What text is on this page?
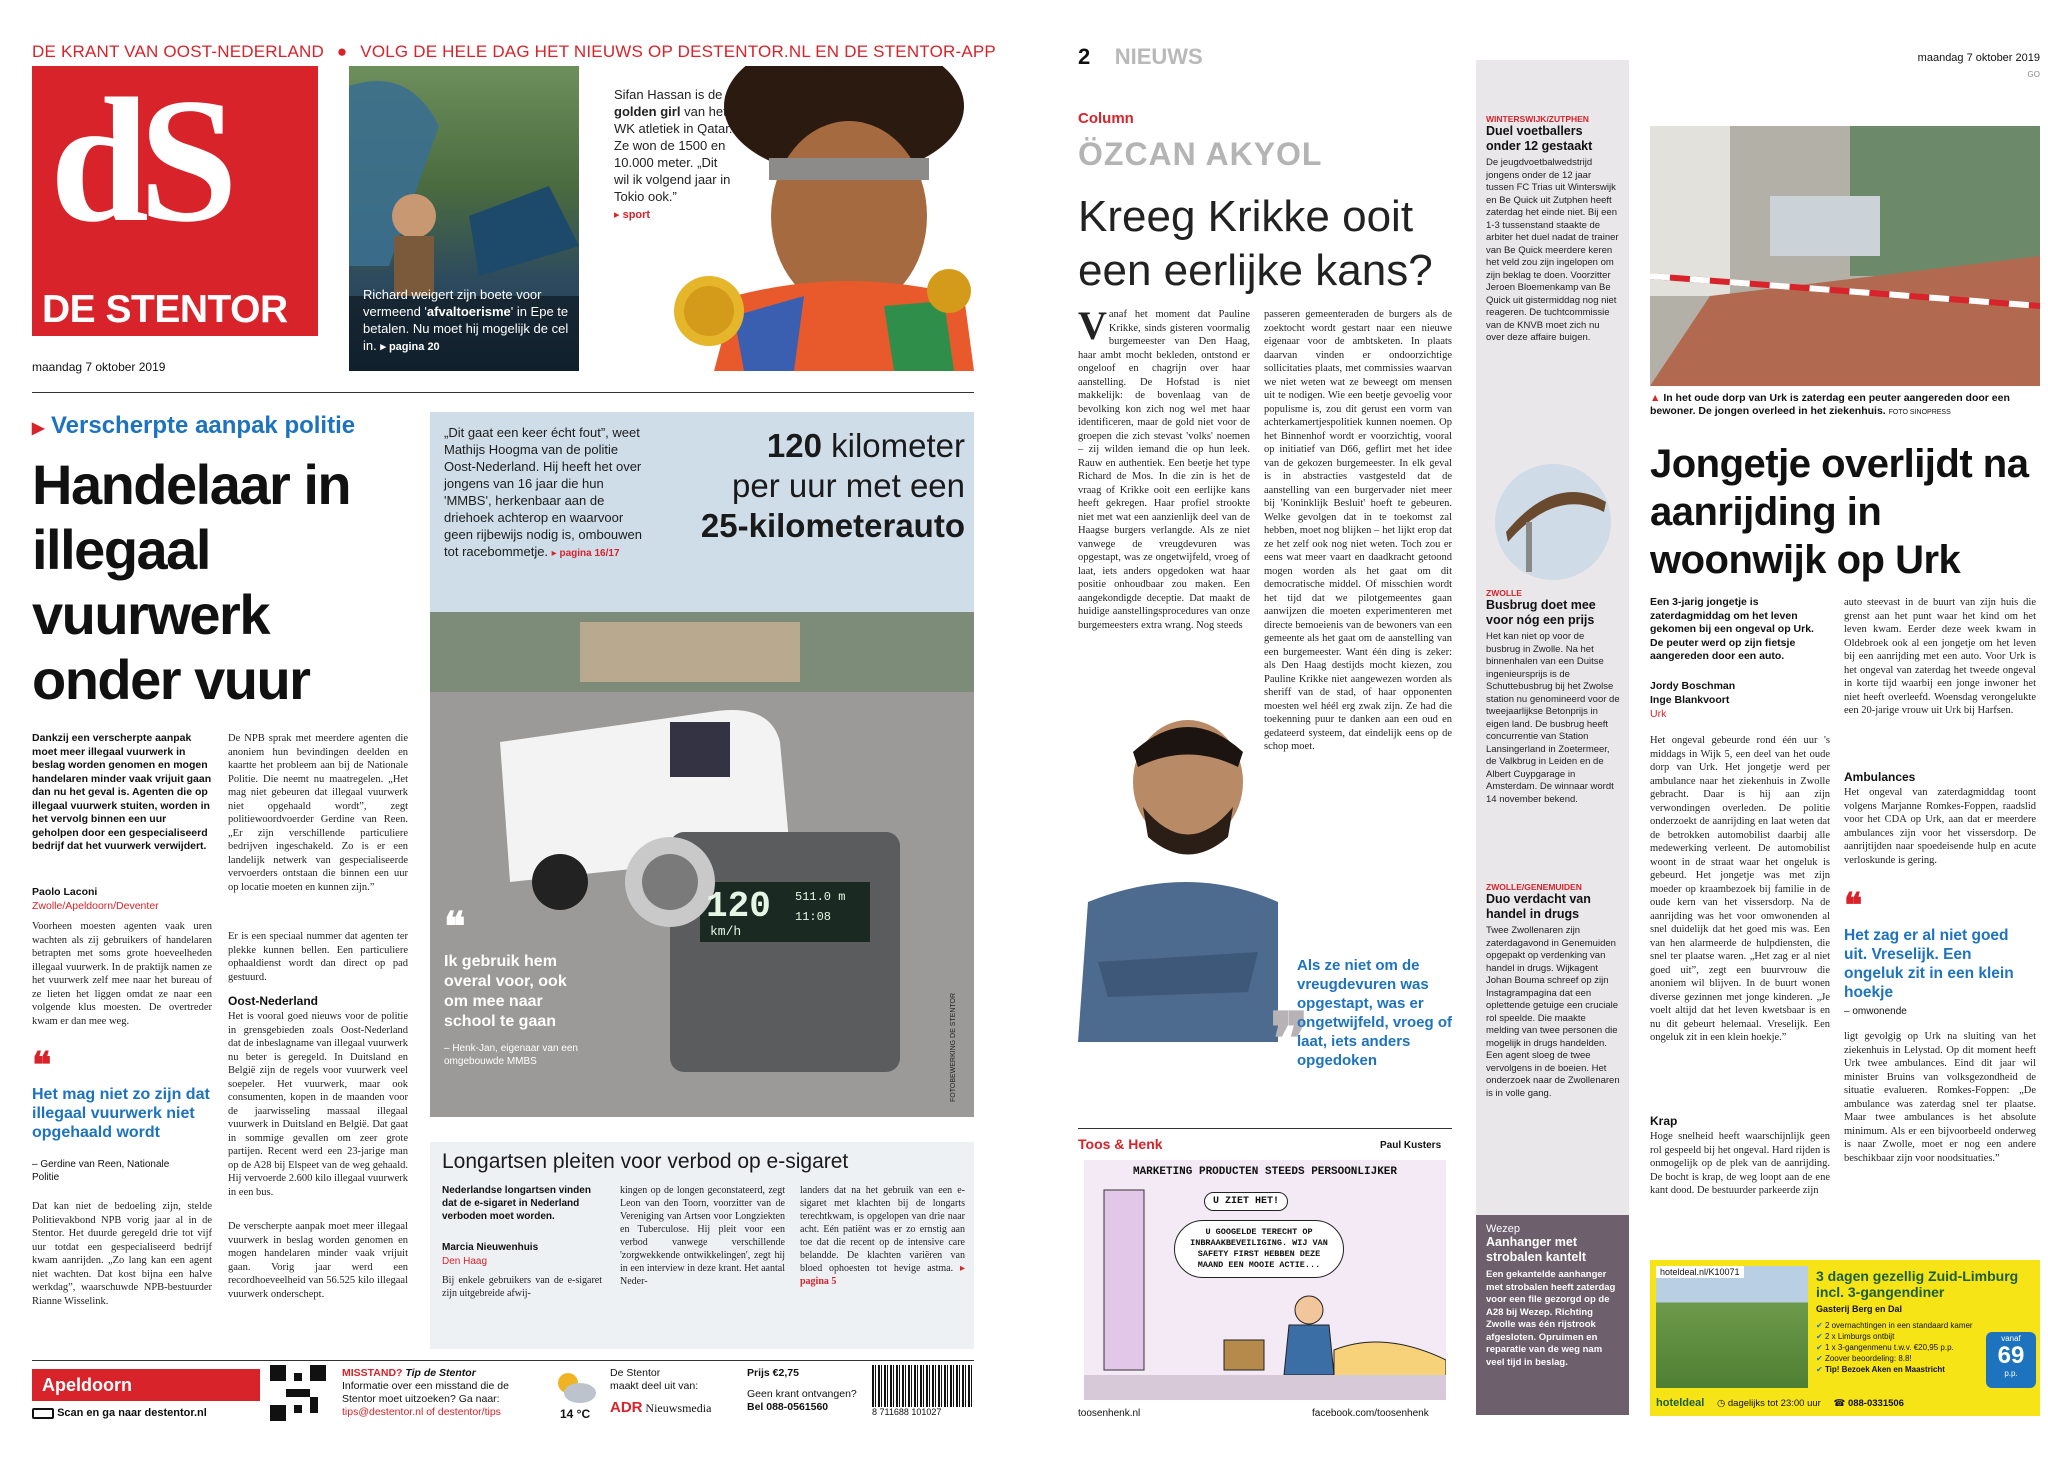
DE KRANT VAN OOST-NEDERLAND ● VOLG DE HELE DAG HET NIEUWS OP DESTENTOR.NL EN DE STENTOR-APP
dS
DE STENTOR
maandag 7 oktober 2019
Richard weigert zijn boete voor vermeend 'afvaltoerisme' in Epe te betalen. Nu moet hij mogelijk de cel in. ▸ pagina 20
Sifan Hassan is de golden girl van het WK atletiek in Qatar. Ze won de 1500 en 10.000 meter. „Dit wil ik volgend jaar in Tokio ook.”
▸ sport
▶ Verscherpte aanpak politie
Handelaar in illegaal vuurwerk onder vuur
Dankzij een verscherpte aanpak moet meer illegaal vuurwerk in beslag worden genomen en mogen handelaren minder vaak vrijuit gaan dan nu het geval is. Agenten die op illegaal vuurwerk stuiten, worden in het vervolg binnen een uur geholpen door een gespecialiseerd bedrijf dat het vuurwerk verwijdert.
Paolo Laconi
Zwolle/Apeldoorn/Deventer
Voorheen moesten agenten vaak uren wachten als zij gebruikers of handelaren betrapten met soms grote hoeveelheden illegaal vuurwerk. In de praktijk namen ze het vuurwerk zelf mee naar het bureau of ze lieten het liggen omdat ze naar een volgende klus moesten. De overtreder kwam er dan mee weg.
❝
Het mag niet zo zijn dat illegaal vuurwerk niet opgehaald wordt
– Gerdine van Reen, Nationale Politie
Dat kan niet de bedoeling zijn, stelde Politievakbond NPB vorig jaar al in de Stentor. Het duurde geregeld drie tot vijf uur totdat een gespecialiseerd bedrijf kwam aanrijden. „Zo lang kan een agent niet wachten. Dat kost bijna een halve werkdag”, waarschuwde NPB-bestuurder Rianne Wisselink.
De NPB sprak met meerdere agenten die anoniem hun bevindingen deelden en kaartte het probleem aan bij de Nationale Politie. Die neemt nu maatregelen. „Het mag niet gebeuren dat illegaal vuurwerk niet opgehaald wordt”, zegt politiewoordvoerder Gerdine van Reen. „Er zijn verschillende particuliere bedrijven ingeschakeld. Zo is er een landelijk netwerk van gespecialiseerde vervoerders ontstaan die binnen een uur op locatie moeten en kunnen zijn.”
Er is een speciaal nummer dat agenten ter plekke kunnen bellen. Een particuliere ophaaldienst wordt dan direct op pad gestuurd.
Oost-Nederland
Het is vooral goed nieuws voor de politie in grensgebieden zoals Oost-Nederland dat de inbeslagname van illegaal vuurwerk nu beter is geregeld. In Duitsland en België zijn de regels voor vuurwerk veel soepeler. Het vuurwerk, maar ook consumenten, kopen in de maanden voor de jaarwisseling massaal illegaal vuurwerk in Duitsland en België. Dat gaat in sommige gevallen om zeer grote partijen. Recent werd een 23-jarige man op de A28 bij Elspeet van de weg gehaald. Hij vervoerde 2.600 kilo illegaal vuurwerk in een bus.
De verscherpte aanpak moet meer illegaal vuurwerk in beslag worden genomen en mogen handelaren minder vaak vrijuit gaan. Vorig jaar werd een recordhoeveelheid van 56.525 kilo illegaal vuurwerk onderschept.
„Dit gaat een keer écht fout”, weet Mathijs Hoogma van de politie Oost-Nederland. Hij heeft het over jongens van 16 jaar die hun 'MMBS', herkenbaar aan de driehoek achterop en waarvoor geen rijbewijs nodig is, ombouwen tot racebommetje. ▸ pagina 16/17
120 kilometer
per uur met een
25-kilometerauto
120
km/h
511.0 m
11:08
❝
Ik gebruik hem overal voor, ook om mee naar school te gaan
– Henk-Jan, eigenaar van een omgebouwde MMBS	FOTOBEWERKING DE STENTOR
Longartsen pleiten voor verbod op e-sigaret
Nederlandse longartsen vinden dat de e-sigaret in Nederland verboden moet worden.
Marcia Nieuwenhuis
Den Haag
Bij enkele gebruikers van de e-sigaret zijn uitgebreide afwij-
kingen op de longen geconstateerd, zegt Leon van den Toorn, voorzitter van de Vereniging van Artsen voor Longziekten en Tuberculose. Hij pleit voor een verbod vanwege verschillende 'zorgwekkende ontwikkelingen', zegt hij in een interview in deze krant. Het aantal Neder-
landers dat na het gebruik van een e-sigaret met klachten bij de longarts terechtkwam, is opgelopen van drie naar acht. Eén patiënt was er zo ernstig aan toe dat die recent op de intensive care belandde. De klachten variëren van bloed ophoesten tot hevige astma. ▸ pagina 5
Apeldoorn
Scan en ga naar destentor.nl
MISSTAND? Tip de Stentor
Informatie over een misstand die de Stentor moet uitzoeken? Ga naar:
tips@destentor.nl of destentor/tips	14 °C
De Stentor
maakt deel uit van:
ADR Nieuwsmedia
Prijs €2,75
Geen krant ontvangen?
Bel 088-0561560	8 711688 101027
2 NIEUWS	maandag 7 oktober 2019
GO
Column
ÖZCAN AKYOL
Kreeg Krikke ooit een eerlijke kans?
Vanaf het moment dat Pauline Krikke, sinds gisteren voormalig burgemeester van Den Haag, haar ambt mocht bekleden, ontstond er ongeloof en chagrijn over haar aanstelling. De Hofstad is niet makkelijk: de bovenlaag van de bevolking kon zich nog wel met haar identificeren, maar de gold niet voor de groepen die zich stevast 'volks' noemen – zij wilden iemand die op hun leek. Rauw en authentiek. Een beetje het type Richard de Mos. In die zin is het de vraag of Krikke ooit een eerlijke kans heeft gekregen. Haar profiel strookte niet met wat een aanzienlijk deel van de Haagse burgers verlangde. Als ze niet vanwege de vreugdevuren was opgestapt, was ze ongetwijfeld, vroeg of laat, iets anders opgedoken wat haar positie onhoudbaar zou maken. Een aangekondigde deceptie. Dat maakt de huidige aanstellingsprocedures van onze burgemeesters extra wrang. Nog steeds
passeren gemeenteraden de burgers als de zoektocht wordt gestart naar een nieuwe eigenaar voor de ambtsketen. In plaats daarvan vinden er ondoorzichtige sollicitaties plaats, met commissies waarvan we niet weten wat ze beweegt om mensen uit te nodigen. Wie een beetje gevoelig voor populisme is, zou dit gerust een vorm van achterkamertjespolitiek kunnen noemen. Op het Binnenhof wordt er voorzichtig, vooral op initiatief van D66, geflirt met het idee van de gekozen burgemeester. In elk geval is in abstracties vastgesteld dat de aanstelling van een burgervader niet meer bij 'Koninklijk Besluit' hoeft te gebeuren. Welke gevolgen dat in te toekomst zal hebben, moet nog blijken – het lijkt erop dat ze het zelf ook nog niet weten. Toch zou er eens wat meer vaart en daadkracht getoond mogen worden als het gaat om dit democratische middel. Of misschien wordt het tijd dat we pilotgemeentes gaan aanwijzen die moeten experimenteren met directe bemoeienis van de bewoners van een gemeente als het gaat om de aanstelling van een burgemeester. Want één ding is zeker: als Den Haag destijds mocht kiezen, zou Pauline Krikke niet aangewezen worden als sheriff van de stad, of haar opponenten moesten wel héél erg zwak zijn. Ze had die toekenning puur te danken aan een oud en gedateerd systeem, dat eindelijk eens op de schop moet.
❞
Als ze niet om de vreugdevuren was opgestapt, was er ongetwijfeld, vroeg of laat, iets anders opgedoken
Toos & Henk	Paul Kusters
MARKETING PRODUCTEN STEEDS PERSOONLIJKER
U ZIET HET!
U GOOGELDE TERECHT OP INBRAAKBEVEILIGING. WIJ VAN SAFETY FIRST HEBBEN DEZE MAAND EEN MOOIE ACTIE...
toosenhenk.nl	facebook.com/toosenhenk
WINTERSWIJK/ZUTPHEN
Duel voetballers onder 12 gestaakt
De jeugdvoetbalwedstrijd jongens onder de 12 jaar tussen FC Trias uit Winterswijk en Be Quick uit Zutphen heeft zaterdag het einde niet. Bij een 1-3 tussenstand staakte de arbiter het duel nadat de trainer van Be Quick meerdere keren het veld zou zijn ingelopen om zijn beklag te doen. Voorzitter Jeroen Bloemenkamp van Be Quick uit gistermiddag nog niet reageren. De tuchtcommissie van de KNVB moet zich nu over deze affaire buigen.
ZWOLLE
Busbrug doet mee voor nóg een prijs
Het kan niet op voor de busbrug in Zwolle. Na het binnenhalen van een Duitse ingenieursprijs is de Schuttebusbrug bij het Zwolse station nu genomineerd voor de tweejaarlijkse Betonprijs in eigen land. De busbrug heeft concurrentie van Station Lansingerland in Zoetermeer, de Valkbrug in Leiden en de Albert Cuypgarage in Amsterdam. De winnaar wordt 14 november bekend.
ZWOLLE/GENEMUIDEN
Duo verdacht van handel in drugs
Twee Zwollenaren zijn zaterdagavond in Genemuiden opgepakt op verdenking van handel in drugs. Wijkagent Johan Bouma schreef op zijn Instagrampagina dat een oplettende getuige een cruciale rol speelde. Die maakte melding van twee personen die mogelijk in drugs handelden. Een agent sloeg de twee vervolgens in de boeien. Het onderzoek naar de Zwollenaren is in volle gang.
Wezep
Aanhanger met strobalen kantelt
Een gekantelde aanhanger met strobalen heeft zaterdag voor een file gezorgd op de A28 bij Wezep. Richting Zwolle was één rijstrook afgesloten. Opruimen en reparatie van de weg nam veel tijd in beslag.
▲ In het oude dorp van Urk is zaterdag een peuter aangereden door een bewoner. De jongen overleed in het ziekenhuis. FOTO SINOPRESS
Jongetje overlijdt na aanrijding in woonwijk op Urk
Een 3-jarig jongetje is zaterdagmiddag om het leven gekomen bij een ongeval op Urk. De peuter werd op zijn fietsje aangereden door een auto.
Jordy Boschman
Inge Blankvoort
Urk
Het ongeval gebeurde rond één uur 's middags in Wijk 5, een deel van het oude dorp van Urk. Het jongetje werd per ambulance naar het ziekenhuis in Zwolle gebracht. Daar is hij aan zijn verwondingen overleden. De politie onderzoekt de aanrijding en laat weten dat de betrokken automobilist daarbij alle medewerking verleent. De automobilist woont in de straat waar het ongeluk is gebeurd. Het jongetje was met zijn moeder op kraambezoek bij familie in de oude kern van het vissersdorp. Na de aanrijding was het voor omwonenden al snel duidelijk dat het goed mis was. Een van hen alarmeerde de hulpdiensten, die snel ter plaatse waren. „Het zag er al niet goed uit”, zegt een buurvrouw die anoniem wil blijven. In de buurt wonen diverse gezinnen met jonge kinderen. „Je voelt altijd dat het leven kwetsbaar is en nu dit gebeurt helemaal. Vreselijk. Een ongeluk zit in een klein hoekje.”
Krap
Hoge snelheid heeft waarschijnlijk geen rol gespeeld bij het ongeval. Hard rijden is onmogelijk op de plek van de aanrijding. De bocht is krap, de weg loopt aan de ene kant dood. De bestuurder parkeerde zijn
auto steevast in de buurt van zijn huis die grenst aan het punt waar het kind om het leven kwam. Eerder deze week kwam in Oldebroek ook al een jongetje om het leven bij een aanrijding met een auto. Voor Urk is het ongeval van zaterdag het tweede ongeval in korte tijd waarbij een jonge inwoner het niet heeft overleefd. Woensdag verongelukte een 20-jarige vrouw uit Urk bij Harfsen.
Ambulances
Het ongeval van zaterdagmiddag toont volgens Marjanne Romkes-Foppen, raadslid voor het CDA op Urk, aan dat er meerdere ambulances zijn voor het vissersdorp. De aanrijtijden naar spoedeisende hulp en acute verloskunde is gering.
❝
Het zag er al niet goed uit. Vreselijk. Een ongeluk zit in een klein hoekje
– omwonende
ligt gevolgig op Urk na sluiting van het ziekenhuis in Lelystad. Op dit moment heeft Urk twee ambulances. Eind dit jaar wil minister Bruins van volksgezondheid de situatie evalueren. Romkes-Foppen: „De ambulance was zaterdag snel ter plaatse. Maar twee ambulances is het absolute minimum. Als er een bijvoorbeeld onderweg is naar Zwolle, moet er nog een andere beschikbaar zijn voor noodsituaties.”
hoteldeal.nl/K10071	3 dagen gezellig Zuid-Limburg incl. 3-gangendiner
Gasterij Berg en Dal
✔ 2 overnachtingen in een standaard kamer
✔ 2 x Limburgs ontbijt
✔ 1 x 3-gangenmenu t.w.v. €20,95 p.p.
✔ Zoover beoordeling: 8.8!
✔ Tip! Bezoek Aken en Maastricht
vanaf
69
p.p.
hoteldeal ◷ dagelijks tot 23:00 uur ☎ 088-0331506
